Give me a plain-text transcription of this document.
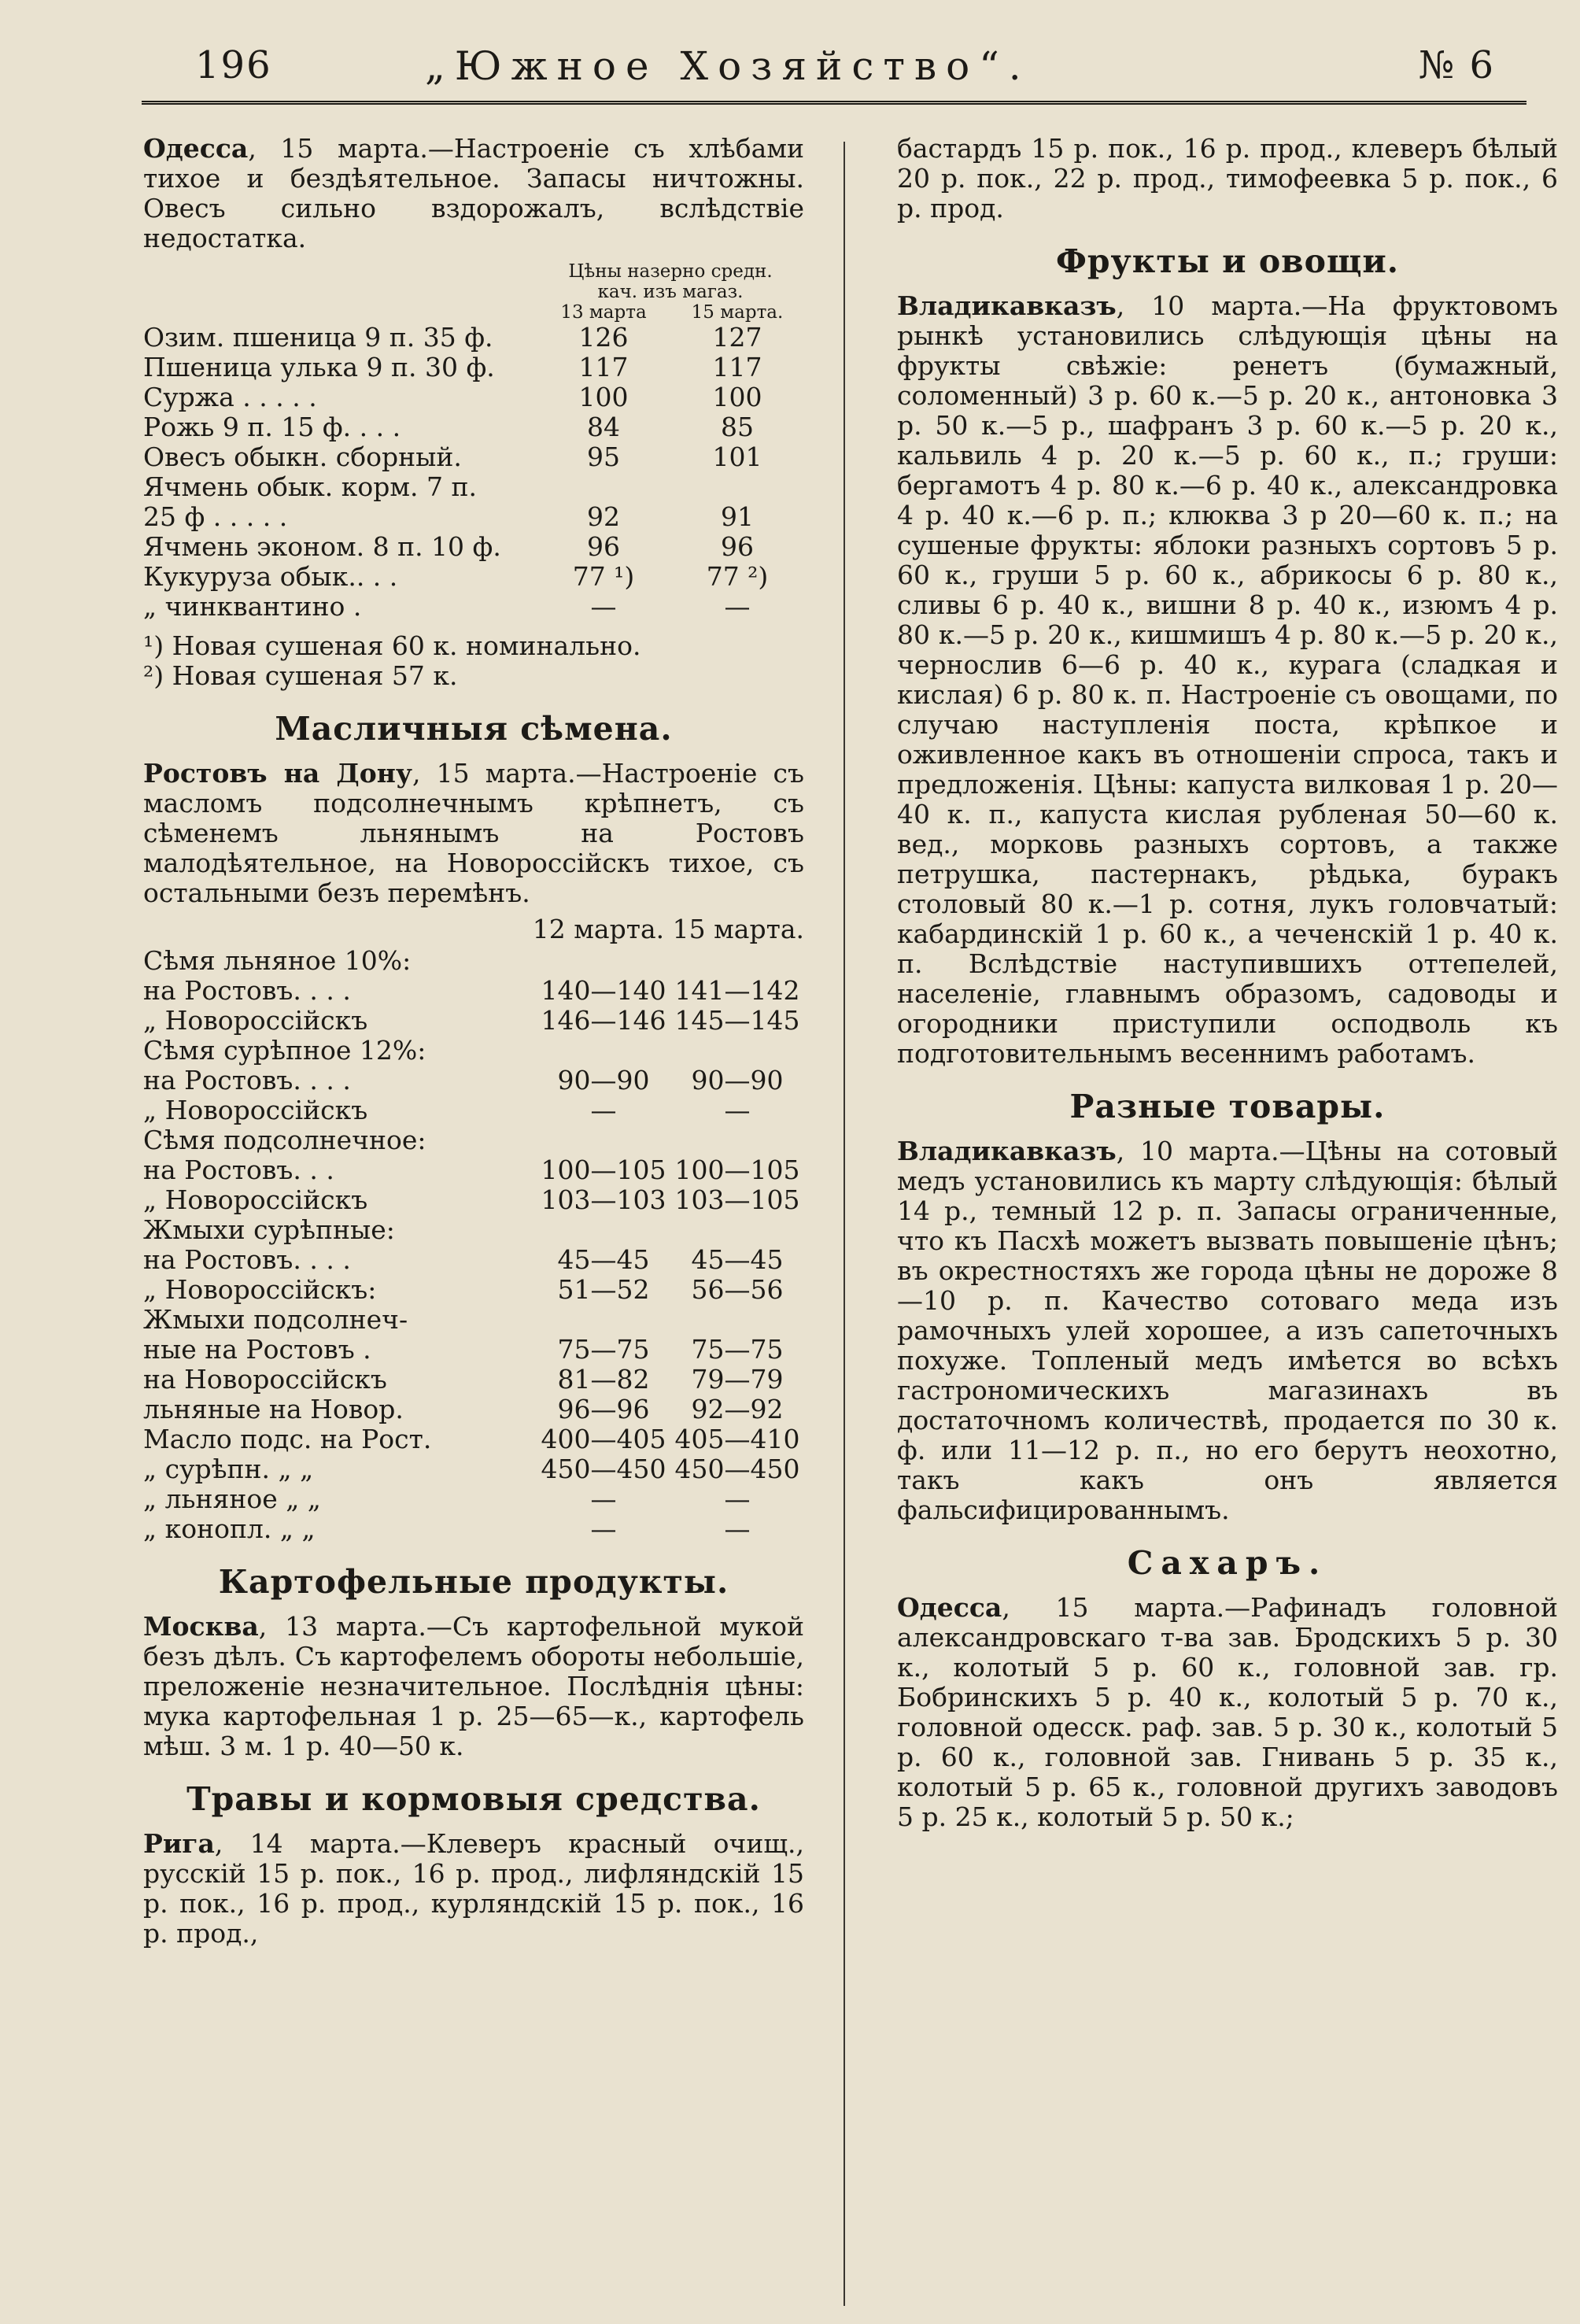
196	„Южное Хозяйство“.	№ 6

Одесса, 15 марта.—Настроеніе съ хлѣбами тихое и бездѣятельное. Запасы ничтожны. Овесъ сильно вздорожалъ, вслѣдствіе недостатка.

	Цѣны назерно средн.
кач. изъ магаз.	

	13 марта	15 марта.
Озим. пшеница 9 п. 35 ф.	126	127
Пшеница улька 9 п. 30 ф.	117	117
Суржа . . . . .	100	100
Рожь 9 п. 15 ф. . . .	84	85
Овесъ обыкн. сборный.	95	101
Ячмень обык. корм. 7 п.		
25 ф . . . . .	92	91
Ячмень эконом. 8 п. 10 ф.	96	96
Кукуруза обык.. . .	77 ¹)	77 ²)
„ чинквантино .	—	—

¹) Новая сушеная 60 к. номинально.

²) Новая сушеная 57 к.

Масличныя сѣмена.

Ростовъ на Дону, 15 марта.—Настроеніе съ масломъ подсолнечнымъ крѣпнетъ, съ сѣменемъ льнянымъ на Ростовъ малодѣятельное, на Новороссійскъ тихое, съ остальными безъ перемѣнъ.

12 марта. 15 марта.
Сѣмя льняное 10%:		
на Ростовъ. . . .	140—140	141—142
„ Новороссійскъ	146—146	145—145
Сѣмя сурѣпное 12%:		
на Ростовъ. . . .	90—90	90—90
„ Новороссійскъ	—	—
Сѣмя подсолнечное:		
на Ростовъ. . .	100—105	100—105
„ Новороссійскъ	103—103	103—105
Жмыхи сурѣпные:		
на Ростовъ. . . .	45—45	45—45
„ Новороссійскъ:	51—52	56—56
Жмыхи подсолнеч-		
ные на Ростовъ .	75—75	75—75
на Новороссійскъ	81—82	79—79
льняные на Новор.	96—96	92—92
Масло подс. на Рост.	400—405	405—410
„ сурѣпн. „ „	450—450	450—450
„ льняное „ „	—	—
„ конопл. „ „	—	—
Картофельные продукты.

Москва, 13 марта.—Съ картофельной мукой безъ дѣлъ. Съ картофелемъ обороты небольшіе, преложеніе незначительное. Послѣднія цѣны: мука картофельная 1 р. 25—65—к., картофель мѣш. 3 м. 1 р. 40—50 к.

Травы и кормовыя средства.

Рига, 14 марта.—Клеверъ красный очищ., русскій 15 р. пок., 16 р. прод., лифляндскій 15 р. пок., 16 р. прод., курляндскій 15 р. пок., 16 р. прод.,

бастардъ 15 р. пок., 16 р. прод., клеверъ бѣлый 20 р. пок., 22 р. прод., тимофеевка 5 р. пок., 6 р. прод.

Фрукты и овощи.

Владикавказъ, 10 марта.—На фруктовомъ рынкѣ установились слѣдующія цѣны на фрукты свѣжіе: ренетъ (бумажный, соломенный) 3 р. 60 к.—5 р. 20 к., антоновка 3 р. 50 к.—5 р., шафранъ 3 р. 60 к.—5 р. 20 к., кальвиль 4 р. 20 к.—5 р. 60 к., п.; груши: бергамотъ 4 р. 80 к.—6 р. 40 к., александровка 4 р. 40 к.—6 р. п.; клюква 3 р 20—60 к. п.; на сушеные фрукты: яблоки разныхъ сортовъ 5 р. 60 к., груши 5 р. 60 к., абрикосы 6 р. 80 к., сливы 6 р. 40 к., вишни 8 р. 40 к., изюмъ 4 р. 80 к.—5 р. 20 к., кишмишъ 4 р. 80 к.—5 р. 20 к., чернослив 6—6 р. 40 к., курага (сладкая и кислая) 6 р. 80 к. п. Настроеніе съ овощами, по случаю наступленія поста, крѣпкое и оживленное какъ въ отношеніи спроса, такъ и предложенія. Цѣны: капуста вилковая 1 р. 20—40 к. п., капуста кислая рубленая 50—60 к. вед., морковь разныхъ сортовъ, а также петрушка, пастернакъ, рѣдька, буракъ столовый 80 к.—1 р. сотня, лукъ головчатый: кабардинскій 1 р. 60 к., а чеченскій 1 р. 40 к. п. Вслѣдствіе наступившихъ оттепелей, населеніе, главнымъ образомъ, садоводы и огородники приступили осподволь къ подготовительнымъ весеннимъ работамъ.

Разные товары.

Владикавказъ, 10 марта.—Цѣны на сотовый медъ установились къ марту слѣдующія: бѣлый 14 р., темный 12 р. п. Запасы ограниченные, что къ Пасхѣ можетъ вызвать повышеніе цѣнъ; въ окрестностяхъ же города цѣны не дороже 8—10 р. п. Качество сотоваго меда изъ рамочныхъ улей хорошее, а изъ сапеточныхъ похуже. Топленый медъ имѣется во всѣхъ гастрономическихъ магазинахъ въ достаточномъ количествѣ, продается по 30 к. ф. или 11—12 р. п., но его берутъ неохотно, такъ какъ онъ является фальсифицированнымъ.

Сахаръ.

Одесса, 15 марта.—Рафинадъ головной александровскаго т-ва зав. Бродскихъ 5 р. 30 к., колотый 5 р. 60 к., головной зав. гр. Бобринскихъ 5 р. 40 к., колотый 5 р. 70 к., головной одесск. раф. зав. 5 р. 30 к., колотый 5 р. 60 к., головной зав. Гнивань 5 р. 35 к., колотый 5 р. 65 к., головной другихъ заводовъ 5 р. 25 к., колотый 5 р. 50 к.;
